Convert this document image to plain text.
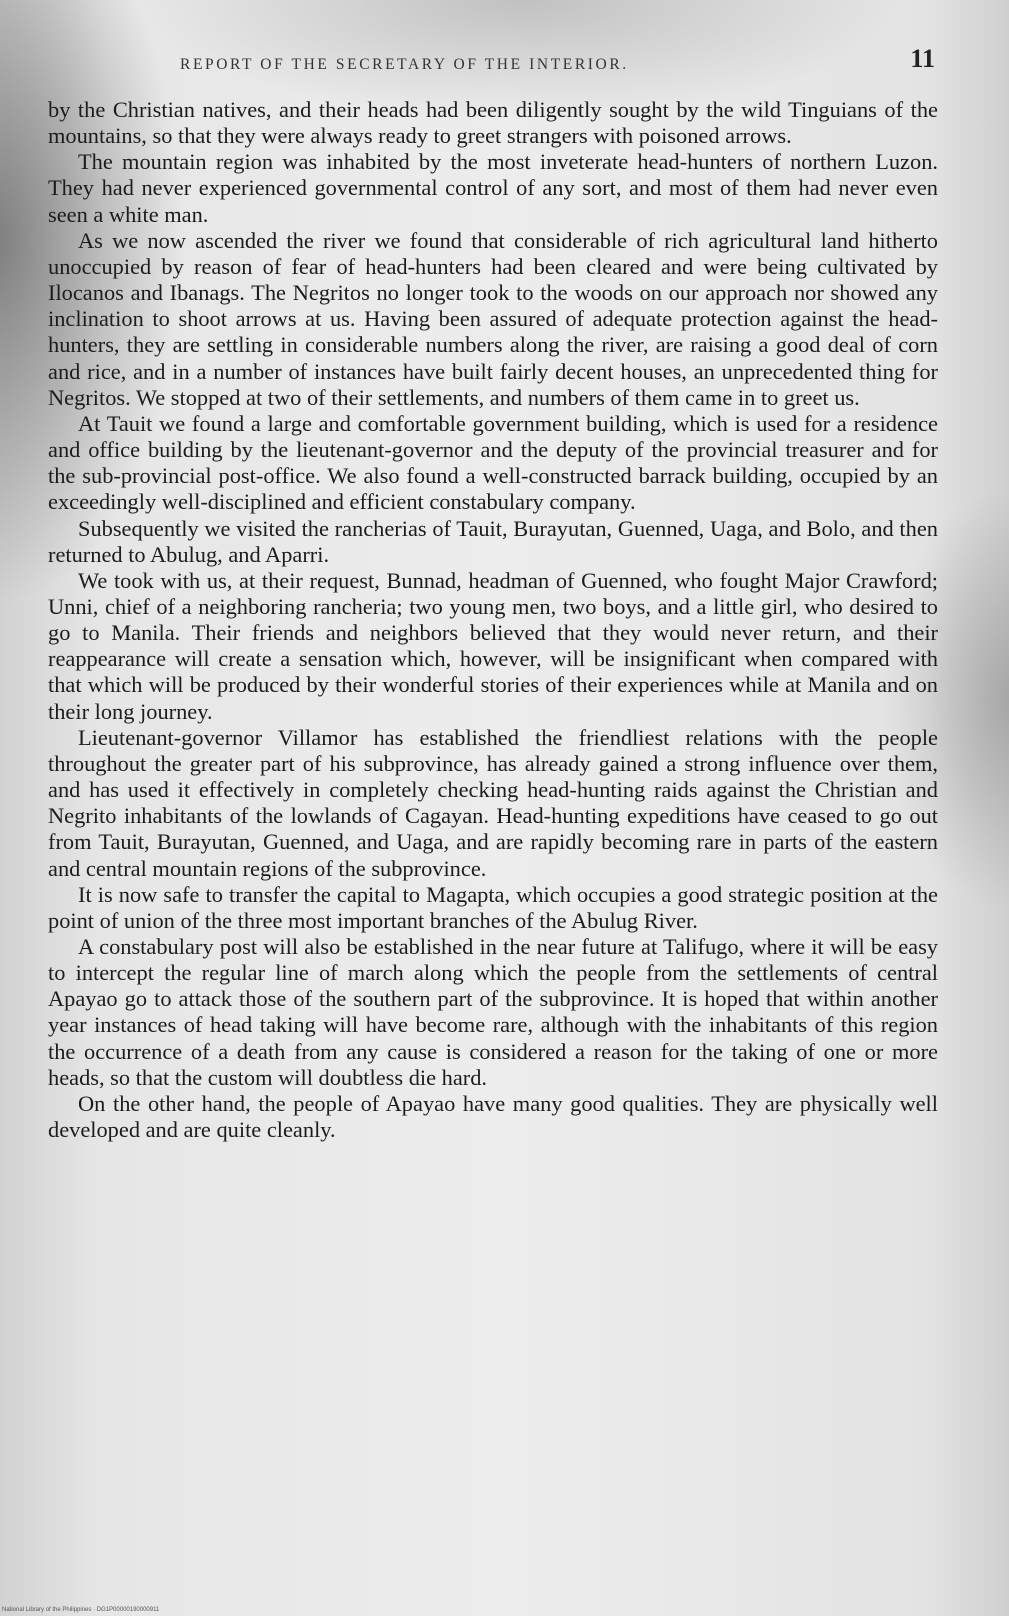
REPORT OF THE SECRETARY OF THE INTERIOR.	11

by the Christian natives, and their heads had been diligently sought by the wild Tinguians of the mountains, so that they were always ready to greet strangers with poisoned arrows.

The mountain region was inhabited by the most inveterate head-hunters of northern Luzon. They had never experienced governmental control of any sort, and most of them had never even seen a white man.

As we now ascended the river we found that considerable of rich agricultural land hitherto unoccupied by reason of fear of head-hunters had been cleared and were being cultivated by Ilocanos and Ibanags. The Negritos no longer took to the woods on our approach nor showed any inclination to shoot arrows at us. Having been assured of adequate protection against the head-hunters, they are settling in considerable numbers along the river, are raising a good deal of corn and rice, and in a number of instances have built fairly decent houses, an unprecedented thing for Negritos. We stopped at two of their settlements, and numbers of them came in to greet us.

At Tauit we found a large and comfortable government building, which is used for a residence and office building by the lieutenant-governor and the deputy of the provincial treasurer and for the sub-provincial post-office. We also found a well-constructed barrack building, occupied by an exceedingly well-disciplined and efficient constabulary company.

Subsequently we visited the rancherias of Tauit, Burayutan, Guenned, Uaga, and Bolo, and then returned to Abulug, and Aparri.

We took with us, at their request, Bunnad, headman of Guenned, who fought Major Crawford; Unni, chief of a neighboring rancheria; two young men, two boys, and a little girl, who desired to go to Manila. Their friends and neighbors believed that they would never return, and their reappearance will create a sensation which, however, will be insignificant when compared with that which will be produced by their wonderful stories of their experiences while at Manila and on their long journey.

Lieutenant-governor Villamor has established the friendliest relations with the people throughout the greater part of his subprovince, has already gained a strong influence over them, and has used it effectively in completely checking head-hunting raids against the Christian and Negrito inhabitants of the lowlands of Cagayan. Head-hunting expeditions have ceased to go out from Tauit, Burayutan, Guenned, and Uaga, and are rapidly becoming rare in parts of the eastern and central mountain regions of the subprovince.

It is now safe to transfer the capital to Magapta, which occupies a good strategic position at the point of union of the three most important branches of the Abulug River.

A constabulary post will also be established in the near future at Talifugo, where it will be easy to intercept the regular line of march along which the people from the settlements of central Apayao go to attack those of the southern part of the subprovince. It is hoped that within another year instances of head taking will have become rare, although with the inhabitants of this region the occurrence of a death from any cause is considered a reason for the taking of one or more heads, so that the custom will doubtless die hard.

On the other hand, the people of Apayao have many good qualities. They are physically well developed and are quite cleanly.

National Library of the Philippines · DG1P00000190000911
